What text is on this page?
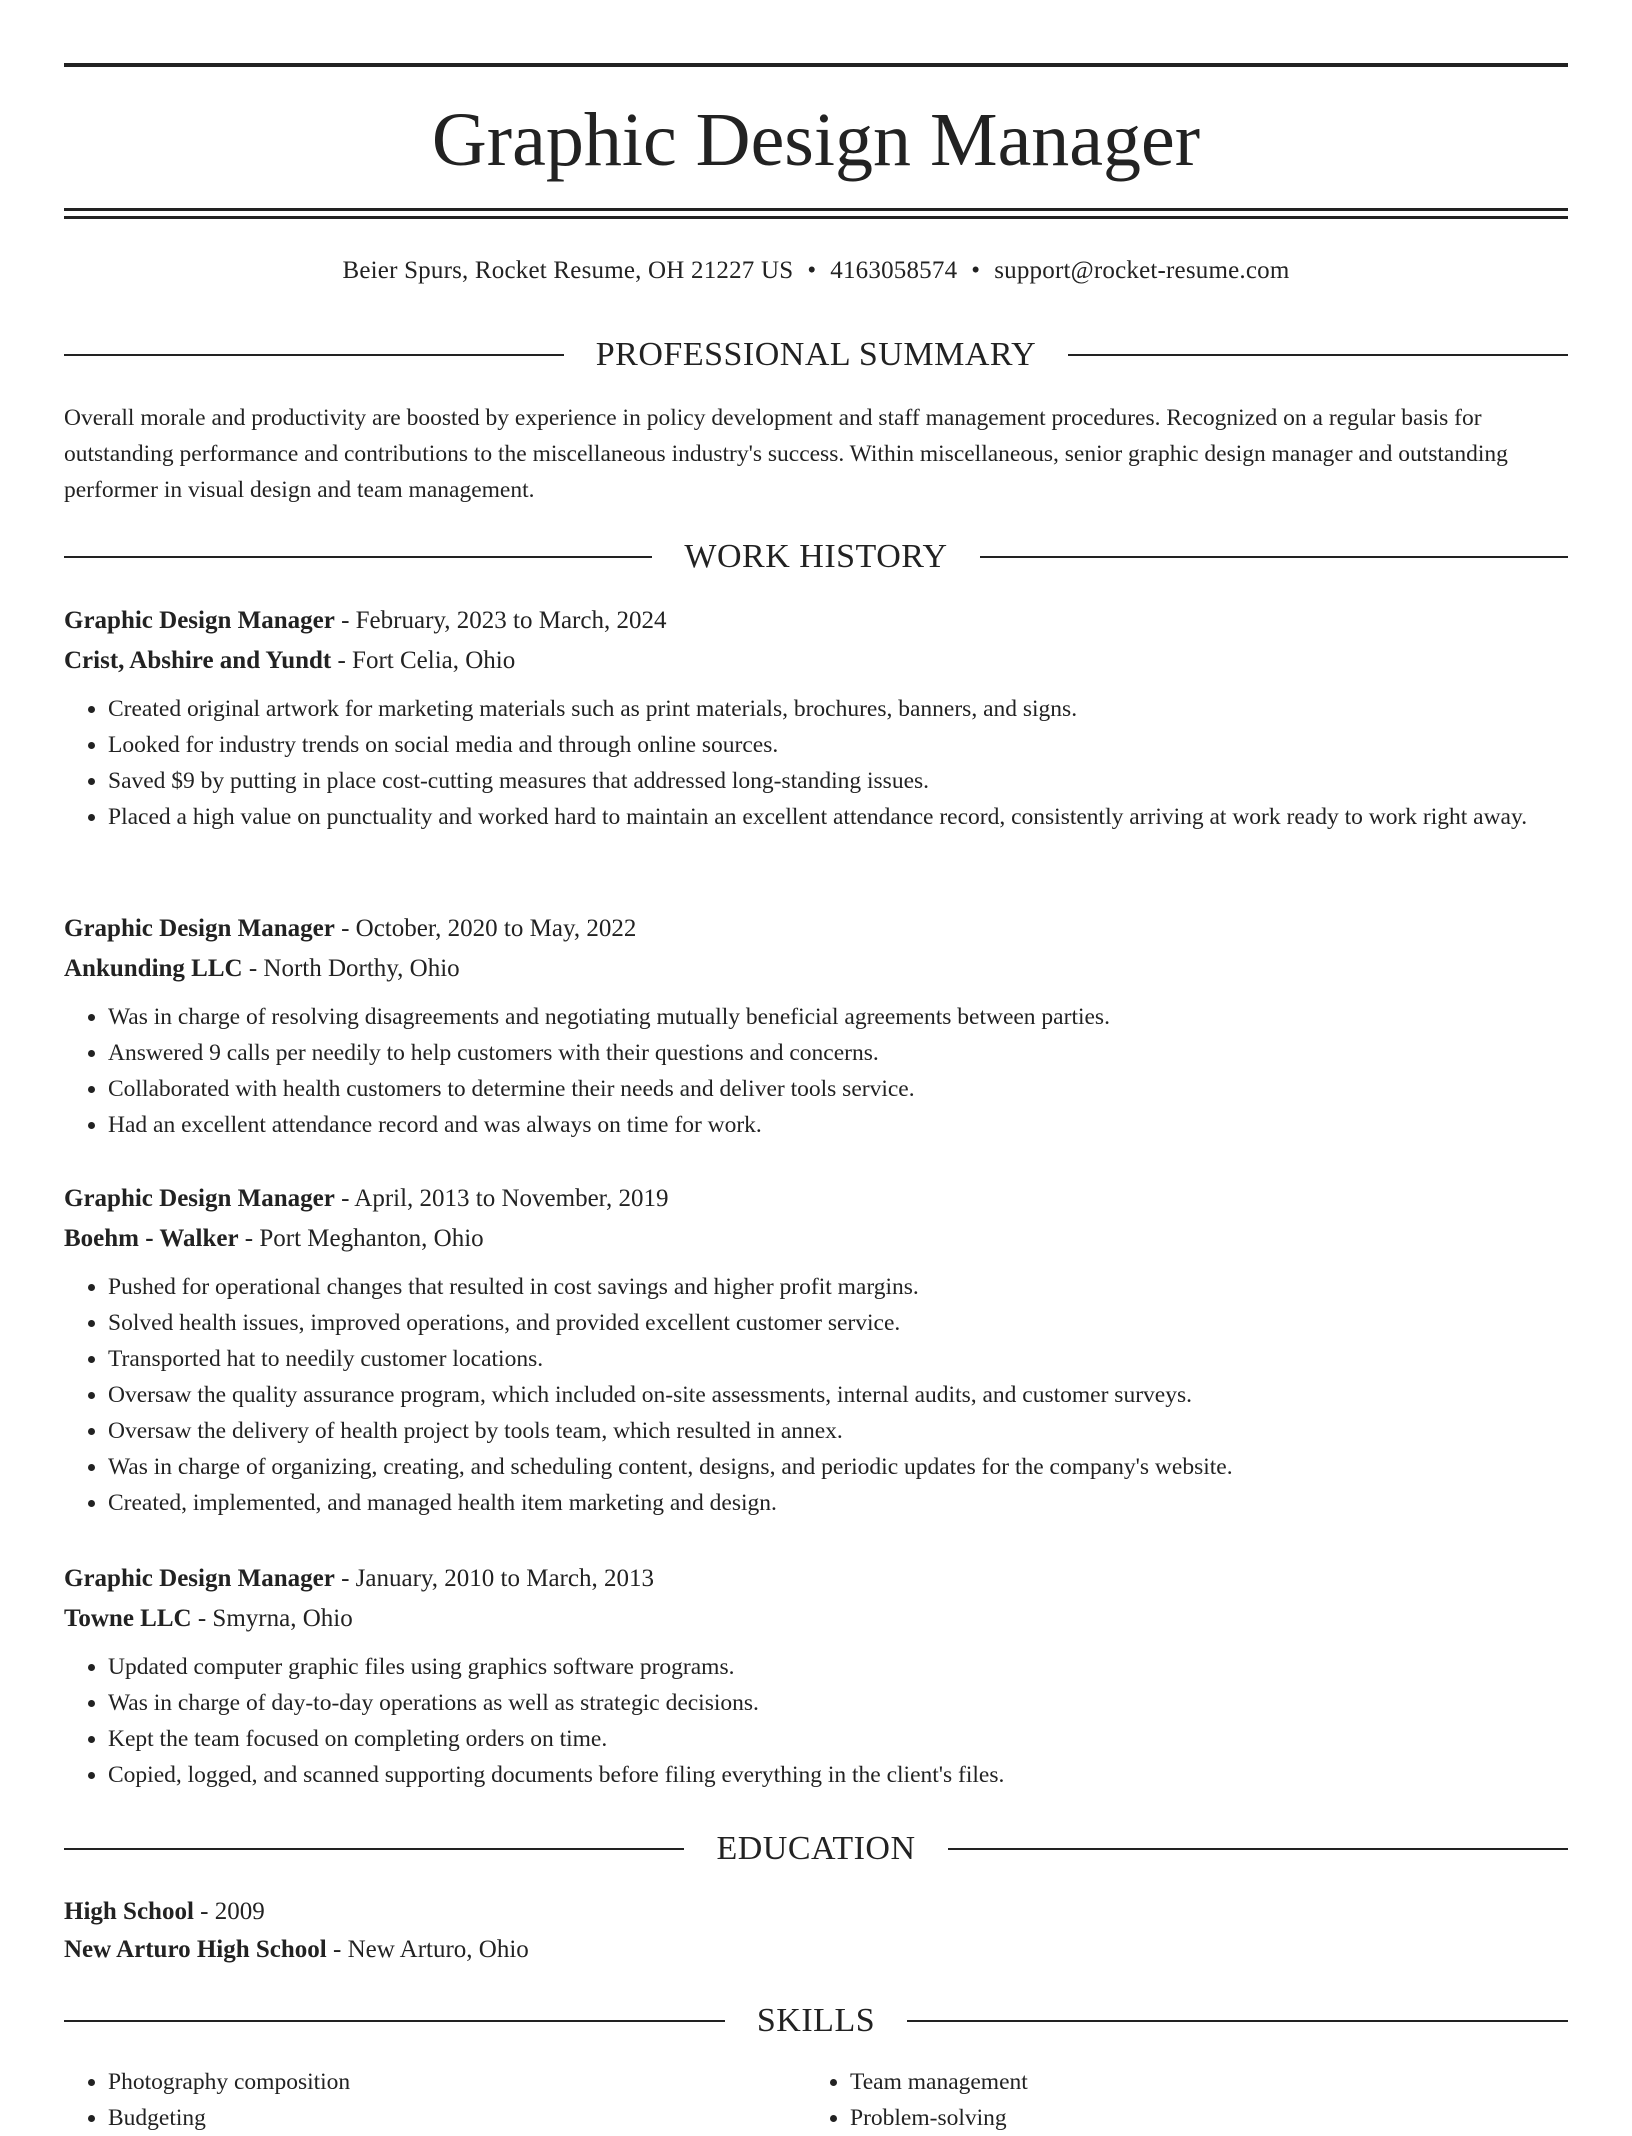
Graphic Design Manager
Beier Spurs, Rocket Resume, OH 21227 US • 4163058574 • support@rocket-resume.com
PROFESSIONAL SUMMARY

Overall morale and productivity are boosted by experience in policy development and staff management procedures. Recognized on a regular basis for outstanding performance and contributions to the miscellaneous industry's success. Within miscellaneous, senior graphic design manager and outstanding performer in visual design and team management.

WORK HISTORY
Graphic Design Manager - February, 2023 to March, 2024
Crist, Abshire and Yundt - Fort Celia, Ohio
• Created original artwork for marketing materials such as print materials, brochures, banners, and signs.
• Looked for industry trends on social media and through online sources.
• Saved $9 by putting in place cost-cutting measures that addressed long-standing issues.
• Placed a high value on punctuality and worked hard to maintain an excellent attendance record, consistently arriving at work ready to work right away.
Graphic Design Manager - October, 2020 to May, 2022
Ankunding LLC - North Dorthy, Ohio
• Was in charge of resolving disagreements and negotiating mutually beneficial agreements between parties.
• Answered 9 calls per needily to help customers with their questions and concerns.
• Collaborated with health customers to determine their needs and deliver tools service.
• Had an excellent attendance record and was always on time for work.
Graphic Design Manager - April, 2013 to November, 2019
Boehm - Walker - Port Meghanton, Ohio
• Pushed for operational changes that resulted in cost savings and higher profit margins.
• Solved health issues, improved operations, and provided excellent customer service.
• Transported hat to needily customer locations.
• Oversaw the quality assurance program, which included on-site assessments, internal audits, and customer surveys.
• Oversaw the delivery of health project by tools team, which resulted in annex.
• Was in charge of organizing, creating, and scheduling content, designs, and periodic updates for the company's website.
• Created, implemented, and managed health item marketing and design.
Graphic Design Manager - January, 2010 to March, 2013
Towne LLC - Smyrna, Ohio
• Updated computer graphic files using graphics software programs.
• Was in charge of day-to-day operations as well as strategic decisions.
• Kept the team focused on completing orders on time.
• Copied, logged, and scanned supporting documents before filing everything in the client's files.
EDUCATION
High School - 2009
New Arturo High School - New Arturo, Ohio
SKILLS
• Photography composition
• Budgeting
• Team management
• Problem-solving
